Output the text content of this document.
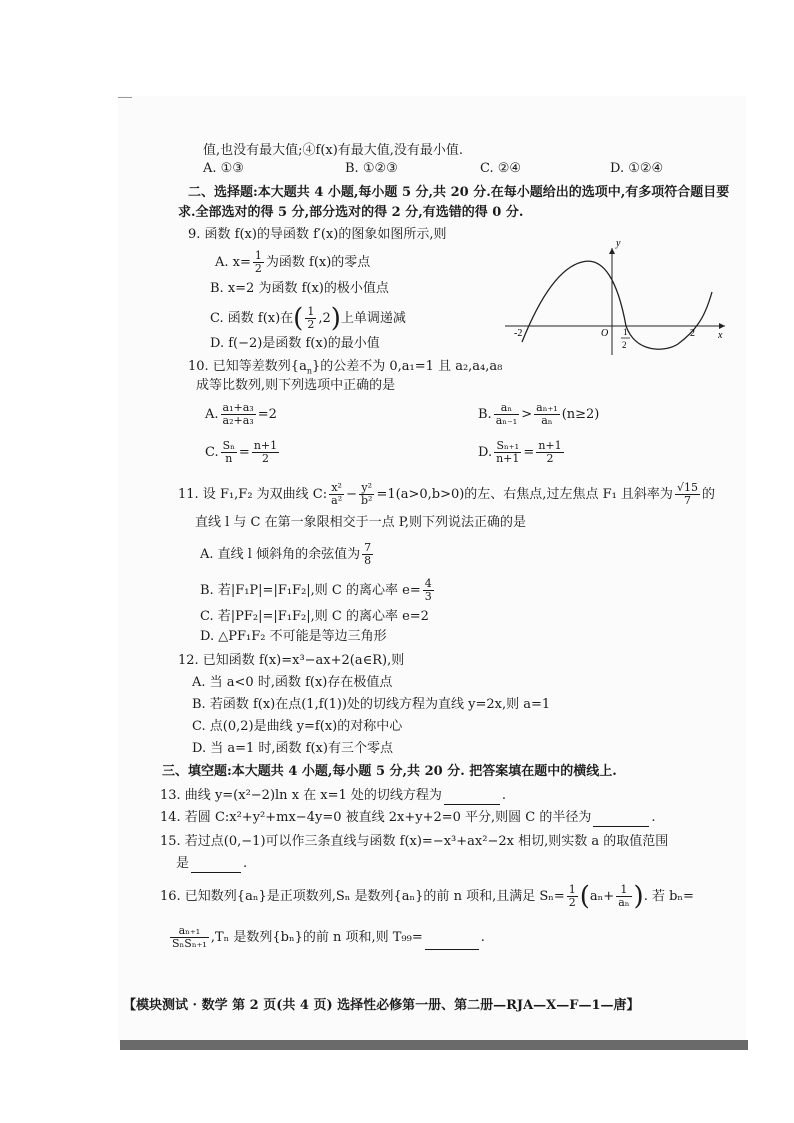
值,也没有最大值;④f(x)有最大值,没有最小值.
A. ①③	B. ①②③	C. ②④	D. ①②④
二、选择题:本大题共 4 小题,每小题 5 分,共 20 分.在每小题给出的选项中,有多项符合题目要
求.全部选对的得 5 分,部分选对的得 2 分,有选错的得 0 分.
9. 函数 f(x)的导函数 f′(x)的图象如图所示,则
A. $x= \frac{1}{2}$ 为函数 f(x)的零点
B. x=2 为函数 f(x)的极小值点
C. 函数 f(x)在( $\frac{1}{2} ,2$)上单调递减
D. f(−2)是函数 f(x)的最小值
y
x
O
-2	2
1
2
10. 已知等差数列$\{a_n\}$的公差不为 0,a₁=1 且 a₂,a₄,a₈
成等比数列,则下列选项中正确的是
A. $\frac{\text{a₁+a₃}}{\text{a₂+a₃}} =2$	B. $\frac{\text{aₙ}}{\text{aₙ₋₁}} > \frac{\text{aₙ₊₁}}{\text{aₙ}} (n\ge 2)$
C. $\frac{\text{Sₙ}}{n} = \frac{n+1}{2}$	D. $\frac{\text{Sₙ₊₁}}{n+1} = \frac{n+1}{2}$
11. 设 F₁,F₂ 为双曲线 C: $\frac{\text{x²}}{\text{a²}} - \frac{\text{y²}}{\text{b²}} =1(a>0,b>0)$的左、右焦点,过左焦点 F₁ 且斜率为 $\frac{√15}{7}$ 的
直线 l 与 C 在第一象限相交于一点 P,则下列说法正确的是
A. 直线 l 倾斜角的余弦值为 $\frac{7}{8}$
B. 若|F₁P|=|F₁F₂|,则 C 的离心率 $e= \frac{4}{3}$
C. 若|PF₂|=|F₁F₂|,则 C 的离心率 e=2
D. △PF₁F₂ 不可能是等边三角形
12. 已知函数 f(x)=x³−ax+2(a∈R),则
A. 当 a<0 时,函数 f(x)存在极值点
B. 若函数 f(x)在点(1,f(1))处的切线方程为直线 y=2x,则 a=1
C. 点(0,2)是曲线 y=f(x)的对称中心
D. 当 a=1 时,函数 f(x)有三个零点
三、填空题:本大题共 4 小题,每小题 5 分,共 20 分. 把答案填在题中的横线上.
13. 曲线 y=(x²−2)ln x 在 x=1 处的切线方程为	.
14. 若圆 C:x²+y²+mx−4y=0 被直线 2x+y+2=0 平分,则圆 C 的半径为	.
15. 若过点(0,−1)可以作三条直线与函数 f(x)=−x³+ax²−2x 相切,则实数 a 的取值范围
是	.
16. 已知数列{aₙ}是正项数列,Sₙ 是数列{aₙ}的前 n 项和,且满足 $S_n= \frac{1}{2} (a_n+ \frac{1}{\text{aₙ}}$ ). 若 bₙ=
$\frac{\text{aₙ₊₁}}{\text{SₙSₙ₊₁}} ,T_n$ 是数列{bₙ}的前 n 项和,则 T₉₉=	.
【模块测试 · 数学 第 2 页(共 4 页) 选择性必修第一册、第二册—RJA—X—F—1—唐】
